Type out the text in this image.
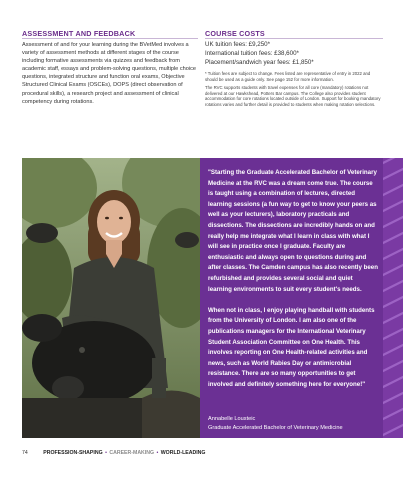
ASSESSMENT AND FEEDBACK
Assessment of and for your learning during the BVetMed involves a variety of assessment methods at different stages of the course including formative assessments via quizzes and feedback from academic staff, essays and problem-solving questions, multiple choice questions, integrated structure and function oral exams, Objective Structured Clinical Exams (OSCEs), DOPS (direct observation of procedural skills), a research project and assessment of clinical competency during rotations.
COURSE COSTS
UK tuition fees: £9,250*
International tuition fees: £38,600*
Placement/sandwich year fees: £1,850*
* Tuition fees are subject to change. Fees listed are representative of entry in 2022 and should be used as a guide only. See page 152 for more information.
The RVC supports students with travel expenses for all core (mandatory) rotations not delivered at our Hawkshead, Potters Bar campus. The College also provides student accommodation for core rotations located outside of London. Support for booking mandatory rotations varies and further detail is provided to students when making rotation selections.

"Starting the Graduate Accelerated Bachelor of Veterinary Medicine at the RVC was a dream come true. The course is taught using a combination of lectures, directed learning sessions (a fun way to get to know your peers as well as your lecturers), laboratory practicals and dissections. The dissections are incredibly hands on and really help me integrate what I learn in class with what I will see in practice once I graduate. Faculty are enthusiastic and always open to questions during and after classes. The Camden campus has also recently been refurbished and provides several social and quiet learning environments to suit every student's needs.

When not in class, I enjoy playing handball with students from the University of London. I am also one of the publications managers for the International Veterinary Student Association Committee on One Health. This involves reporting on One Health-related activities and news, such as World Rabies Day or antimicrobial resistance. There are so many opportunities to get involved and definitely something here for everyone!"

Annabelle Lousteic
Graduate Accelerated Bachelor of Veterinary Medicine
74	PROFESSION-SHAPING • CAREER-MAKING • WORLD-LEADING
